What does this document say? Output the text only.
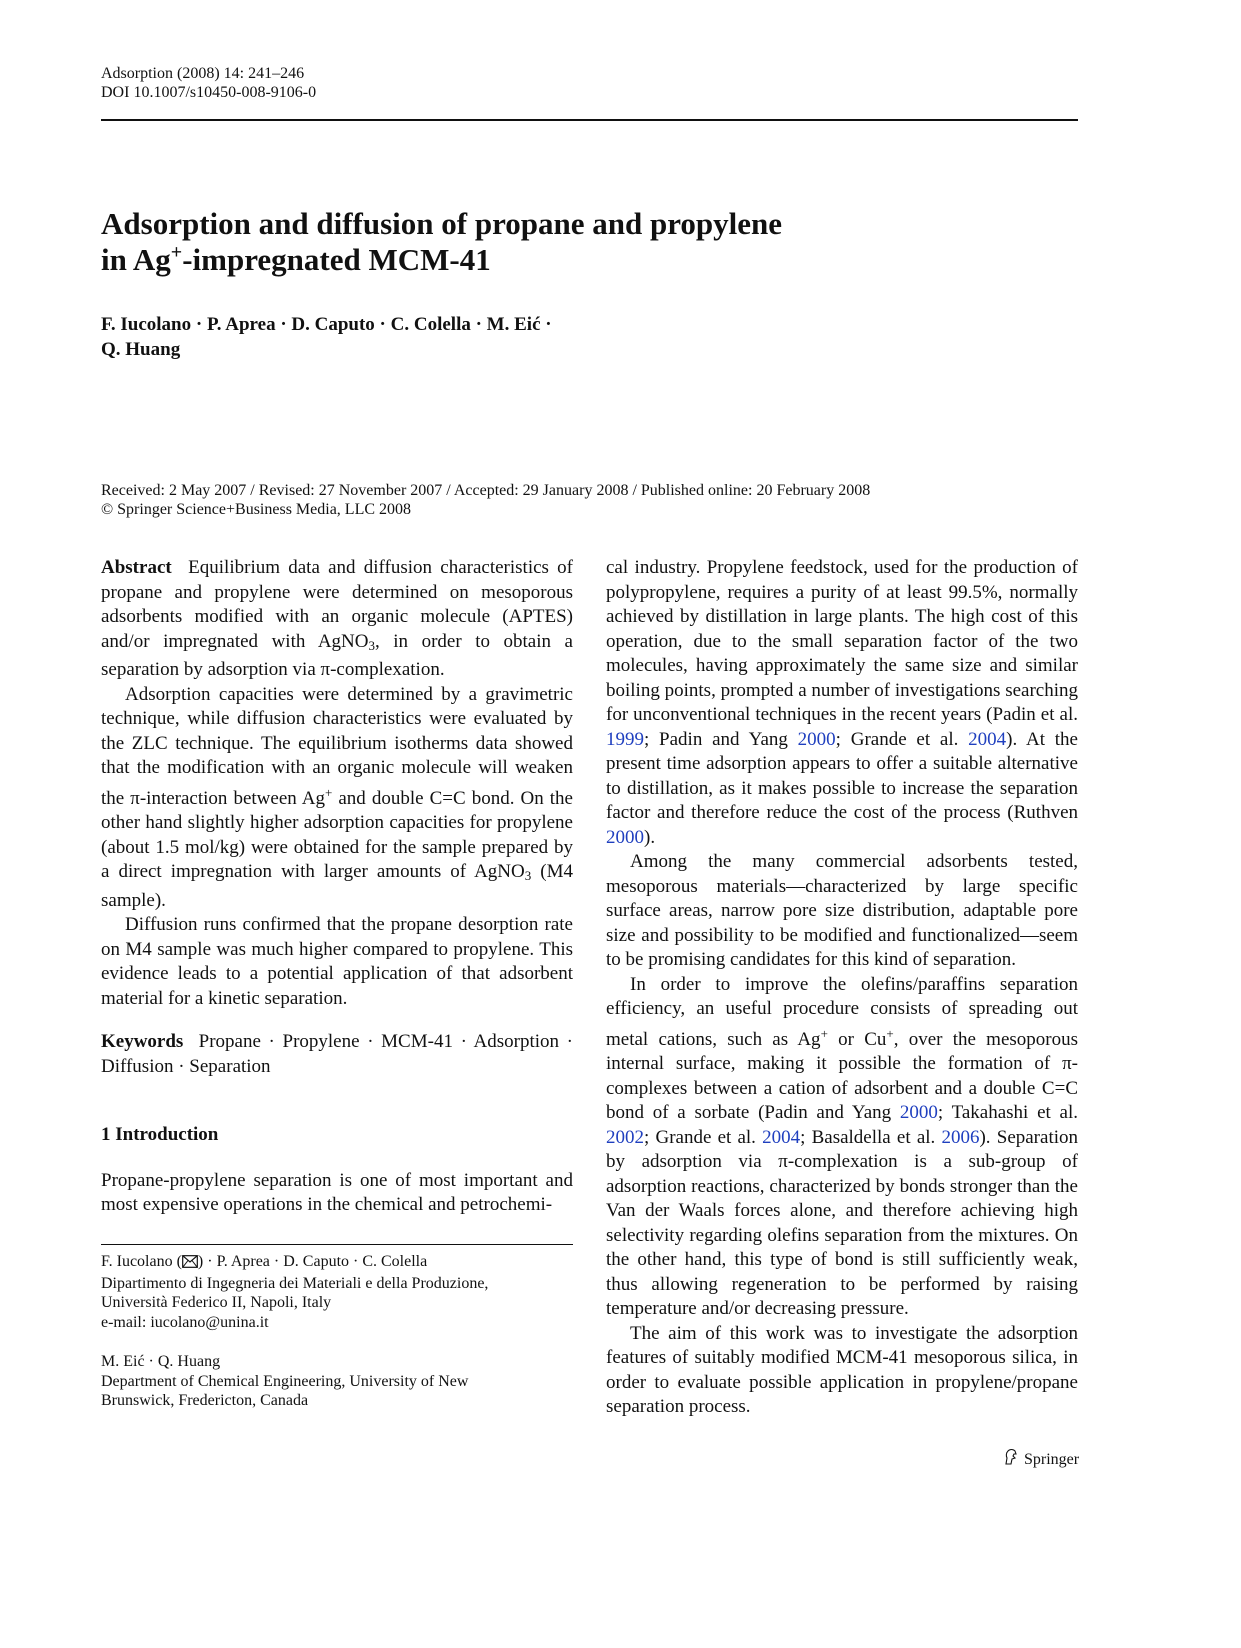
Adsorption (2008) 14: 241–246
DOI 10.1007/s10450-008-9106-0
Adsorption and diffusion of propane and propylene
in Ag+-impregnated MCM-41
F. Iucolano · P. Aprea · D. Caputo · C. Colella · M. Eić ·
Q. Huang
Received: 2 May 2007 / Revised: 27 November 2007 / Accepted: 29 January 2008 / Published online: 20 February 2008
© Springer Science+Business Media, LLC 2008

Abstract Equilibrium data and diffusion characteristics of propane and propylene were determined on mesoporous adsorbents modified with an organic molecule (APTES) and/or impregnated with AgNO$_3$, in order to obtain a separation by adsorption via π-complexation.

Adsorption capacities were determined by a gravimetric technique, while diffusion characteristics were evaluated by the ZLC technique. The equilibrium isotherms data showed that the modification with an organic molecule will weaken the π-interaction between Ag+ and double C=C bond. On the other hand slightly higher adsorption capacities for propylene (about 1.5 mol/kg) were obtained for the sample prepared by a direct impregnation with larger amounts of AgNO$_3$ (M4 sample).

Diffusion runs confirmed that the propane desorption rate on M4 sample was much higher compared to propylene. This evidence leads to a potential application of that adsorbent material for a kinetic separation.

Keywords Propane · Propylene · MCM-41 · Adsorption · Diffusion · Separation

1 Introduction

Propane-propylene separation is one of most important and most expensive operations in the chemical and petrochemi-

F. Iucolano ( ) · P. Aprea · D. Caputo · C. Colella

Dipartimento di Ingegneria dei Materiali e della Produzione,

Università Federico II, Napoli, Italy

e-mail: iucolano@unina.it

M. Eić · Q. Huang

Department of Chemical Engineering, University of New

Brunswick, Fredericton, Canada

cal industry. Propylene feedstock, used for the production of polypropylene, requires a purity of at least 99.5%, normally achieved by distillation in large plants. The high cost of this operation, due to the small separation factor of the two molecules, having approximately the same size and similar boiling points, prompted a number of investigations searching for unconventional techniques in the recent years (Padin et al. 1999; Padin and Yang 2000; Grande et al. 2004). At the present time adsorption appears to offer a suitable alternative to distillation, as it makes possible to increase the separation factor and therefore reduce the cost of the process (Ruthven 2000).

Among the many commercial adsorbents tested, mesoporous materials—characterized by large specific surface areas, narrow pore size distribution, adaptable pore size and possibility to be modified and functionalized—seem to be promising candidates for this kind of separation.

In order to improve the olefins/paraffins separation efficiency, an useful procedure consists of spreading out metal cations, such as Ag+ or Cu+, over the mesoporous internal surface, making it possible the formation of π-complexes between a cation of adsorbent and a double C=C bond of a sorbate (Padin and Yang 2000; Takahashi et al. 2002; Grande et al. 2004; Basaldella et al. 2006). Separation by adsorption via π-complexation is a sub-group of adsorption reactions, characterized by bonds stronger than the Van der Waals forces alone, and therefore achieving high selectivity regarding olefins separation from the mixtures. On the other hand, this type of bond is still sufficiently weak, thus allowing regeneration to be performed by raising temperature and/or decreasing pressure.

The aim of this work was to investigate the adsorption features of suitably modified MCM-41 mesoporous silica, in order to evaluate possible application in propylene/propane separation process.

Springer
